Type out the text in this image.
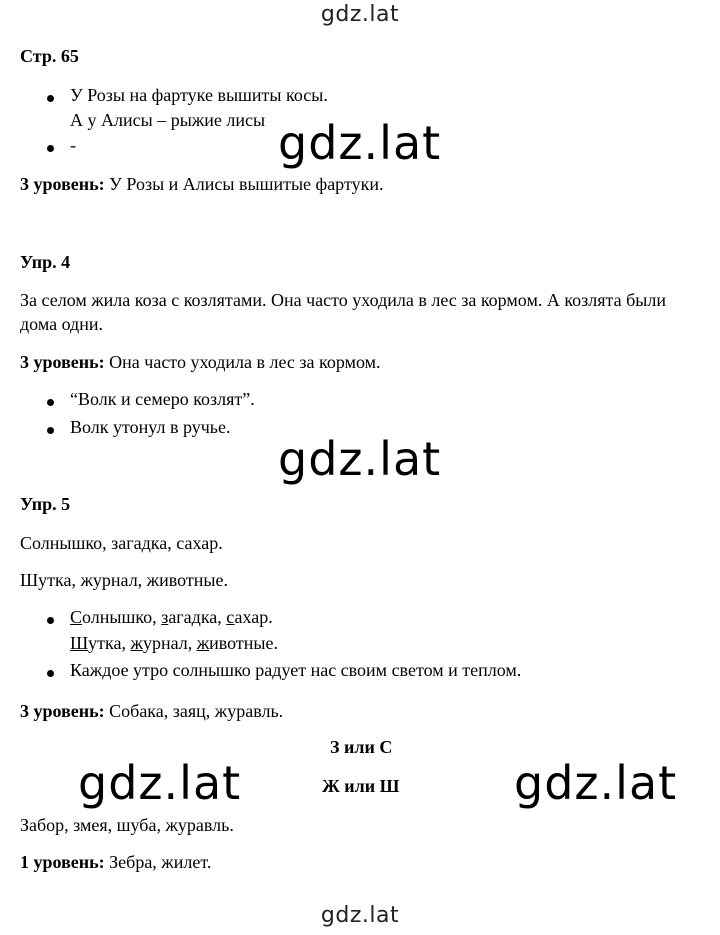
gdz.lat
Стр. 65
У Розы на фартуке вышиты косы.
А у Алисы – рыжие лисы
-	gdz.lat
3 уровень: У Розы и Алисы вышитые фартуки.
Упр. 4
За селом жила коза с козлятами. Она часто уходила в лес за кормом. А козлята были
дома одни.
3 уровень: Она часто уходила в лес за кормом.
“Волк и семеро козлят”.
Волк утонул в ручье.
gdz.lat
Упр. 5
Солнышко, загадка, сахар.
Шутка, журнал, животные.
Солнышко, загадка, сахар.
Шутка, журнал, животные.
Каждое утро солнышко радует нас своим светом и теплом.
3 уровень: Собака, заяц, журавль.
З или С
Ж или Ш
gdz.lat	gdz.lat
Забор, змея, шуба, журавль.
1 уровень: Зебра, жилет.
gdz.lat
